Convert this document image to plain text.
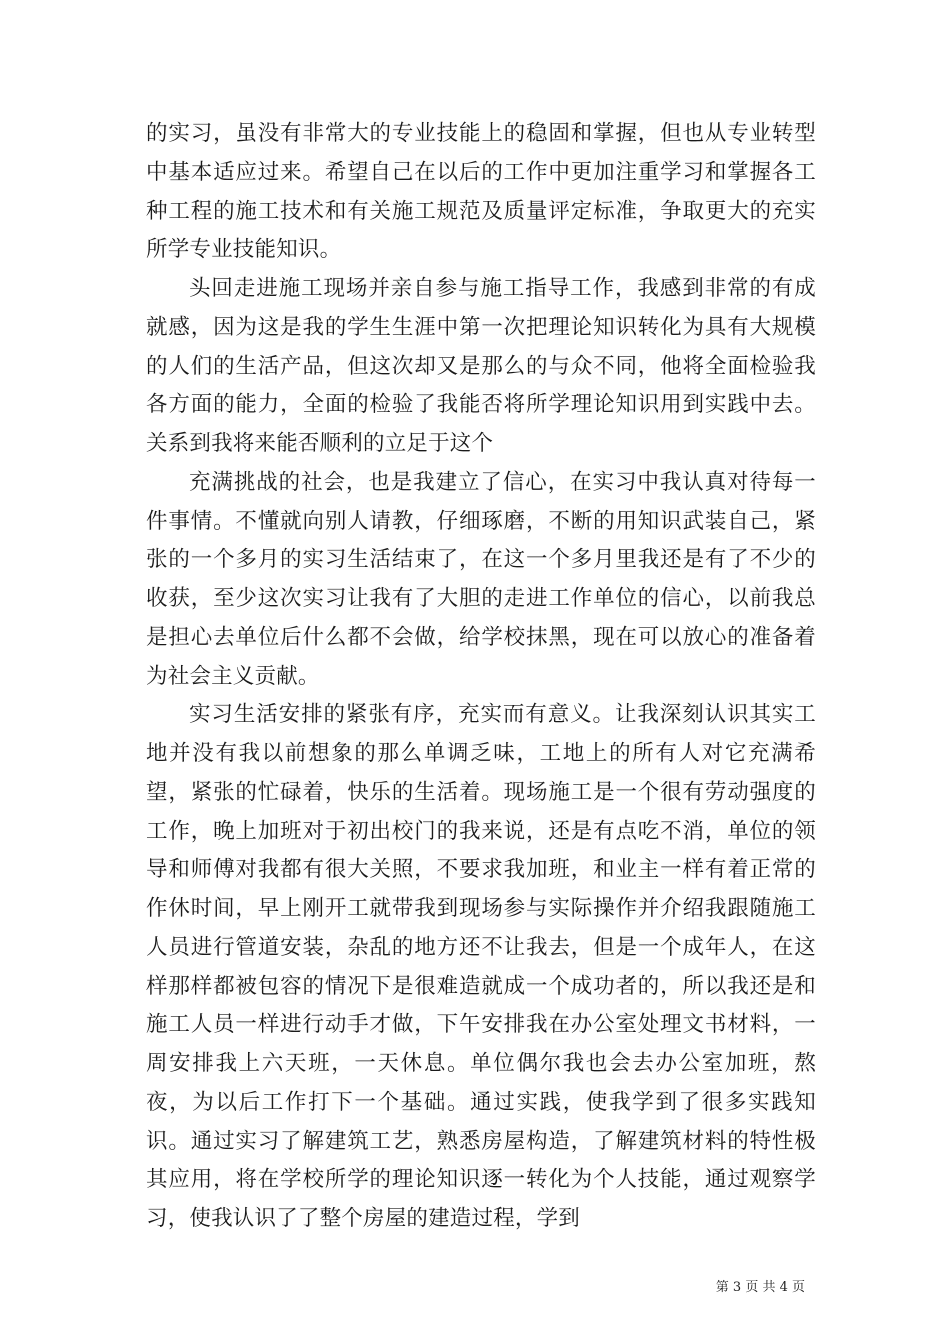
的实习，虽没有非常大的专业技能上的稳固和掌握，但也从专业转型中基本适应过来。希望自己在以后的工作中更加注重学习和掌握各工种工程的施工技术和有关施工规范及质量评定标准，争取更大的充实所学专业技能知识。

头回走进施工现场并亲自参与施工指导工作，我感到非常的有成就感，因为这是我的学生生涯中第一次把理论知识转化为具有大规模的人们的生活产品，但这次却又是那么的与众不同，他将全面检验我各方面的能力，全面的检验了我能否将所学理论知识用到实践中去。关系到我将来能否顺利的立足于这个

充满挑战的社会，也是我建立了信心，在实习中我认真对待每一件事情。不懂就向别人请教，仔细琢磨，不断的用知识武装自己，紧张的一个多月的实习生活结束了，在这一个多月里我还是有了不少的收获，至少这次实习让我有了大胆的走进工作单位的信心，以前我总是担心去单位后什么都不会做，给学校抹黑，现在可以放心的准备着为社会主义贡献。

实习生活安排的紧张有序，充实而有意义。让我深刻认识其实工地并没有我以前想象的那么单调乏味，工地上的所有人对它充满希望，紧张的忙碌着，快乐的生活着。现场施工是一个很有劳动强度的工作，晚上加班对于初出校门的我来说，还是有点吃不消，单位的领导和师傅对我都有很大关照，不要求我加班，和业主一样有着正常的作休时间，早上刚开工就带我到现场参与实际操作并介绍我跟随施工人员进行管道安装，杂乱的地方还不让我去，但是一个成年人，在这样那样都被包容的情况下是很难造就成一个成功者的，所以我还是和施工人员一样进行动手才做，下午安排我在办公室处理文书材料，一周安排我上六天班，一天休息。单位偶尔我也会去办公室加班，熬夜，为以后工作打下一个基础。通过实践，使我学到了很多实践知识。通过实习了解建筑工艺，熟悉房屋构造，了解建筑材料的特性极其应用，将在学校所学的理论知识逐一转化为个人技能，通过观察学习，使我认识了了整个房屋的建造过程，学到

第 3 页 共 4 页
